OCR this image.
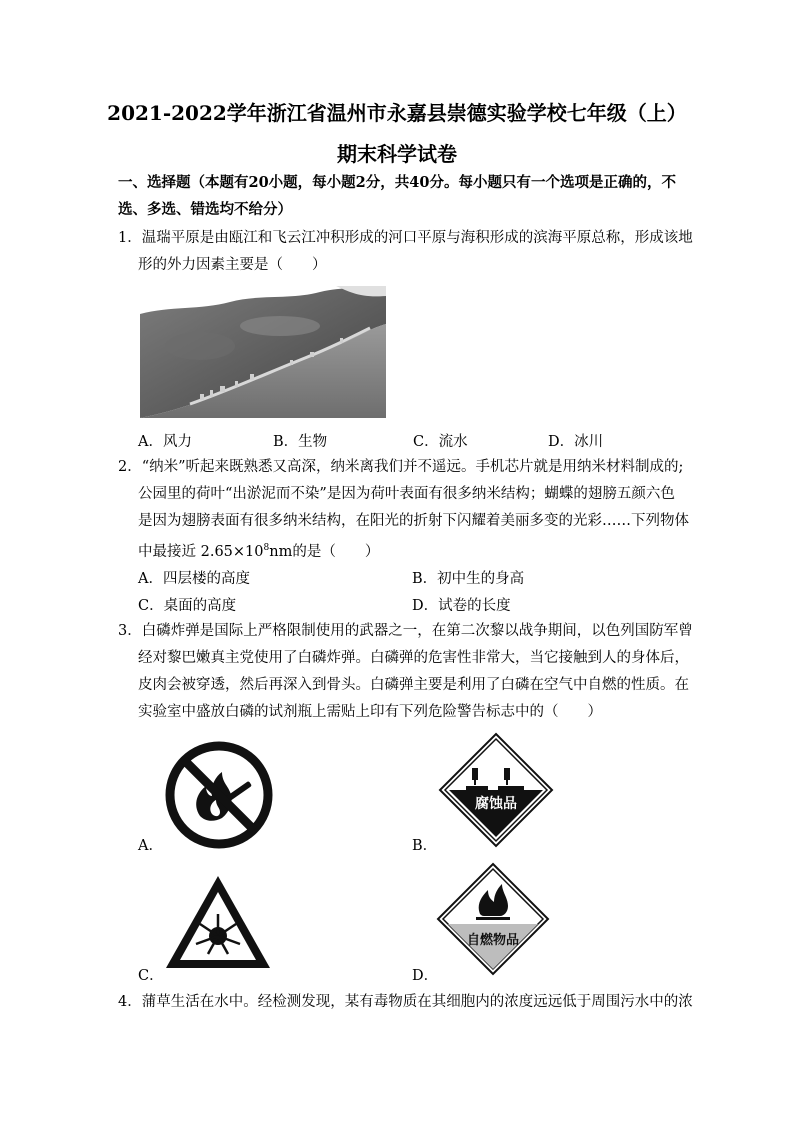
2021-2022学年浙江省温州市永嘉县崇德实验学校七年级（上）
期末科学试卷
一、选择题（本题有20小题，每小题2分，共40分。每小题只有一个选项是正确的，不
选、多选、错选均不给分）
1．温瑞平原是由瓯江和飞云江冲积形成的河口平原与海积形成的滨海平原总称，形成该地
形的外力因素主要是（　　）
A．风力	B．生物	C．流水	D．冰川
2．“纳米”听起来既熟悉又高深，纳米离我们并不遥远。手机芯片就是用纳米材料制成的;
公园里的荷叶“出淤泥而不染”是因为荷叶表面有很多纳米结构；蝴蝶的翅膀五颜六色
是因为翅膀表面有很多纳米结构，在阳光的折射下闪耀着美丽多变的光彩……下列物体
中最接近 $2.65\times 10^8nm$的是（　　）
A．四层楼的高度	B．初中生的身高
C．桌面的高度	D．试卷的长度
3．白磷炸弹是国际上严格限制使用的武器之一，在第二次黎以战争期间，以色列国防军曾
经对黎巴嫩真主党使用了白磷炸弹。白磷弹的危害性非常大，当它接触到人的身体后，
皮肉会被穿透，然后再深入到骨头。白磷弹主要是利用了白磷在空气中自燃的性质。在
实验室中盛放白磷的试剂瓶上需贴上印有下列危险警告标志中的（　　）
A．
腐蚀品
B．
C．
自燃物品
D．
4．蒲草生活在水中。经检测发现，某有毒物质在其细胞内的浓度远远低于周围污水中的浓
